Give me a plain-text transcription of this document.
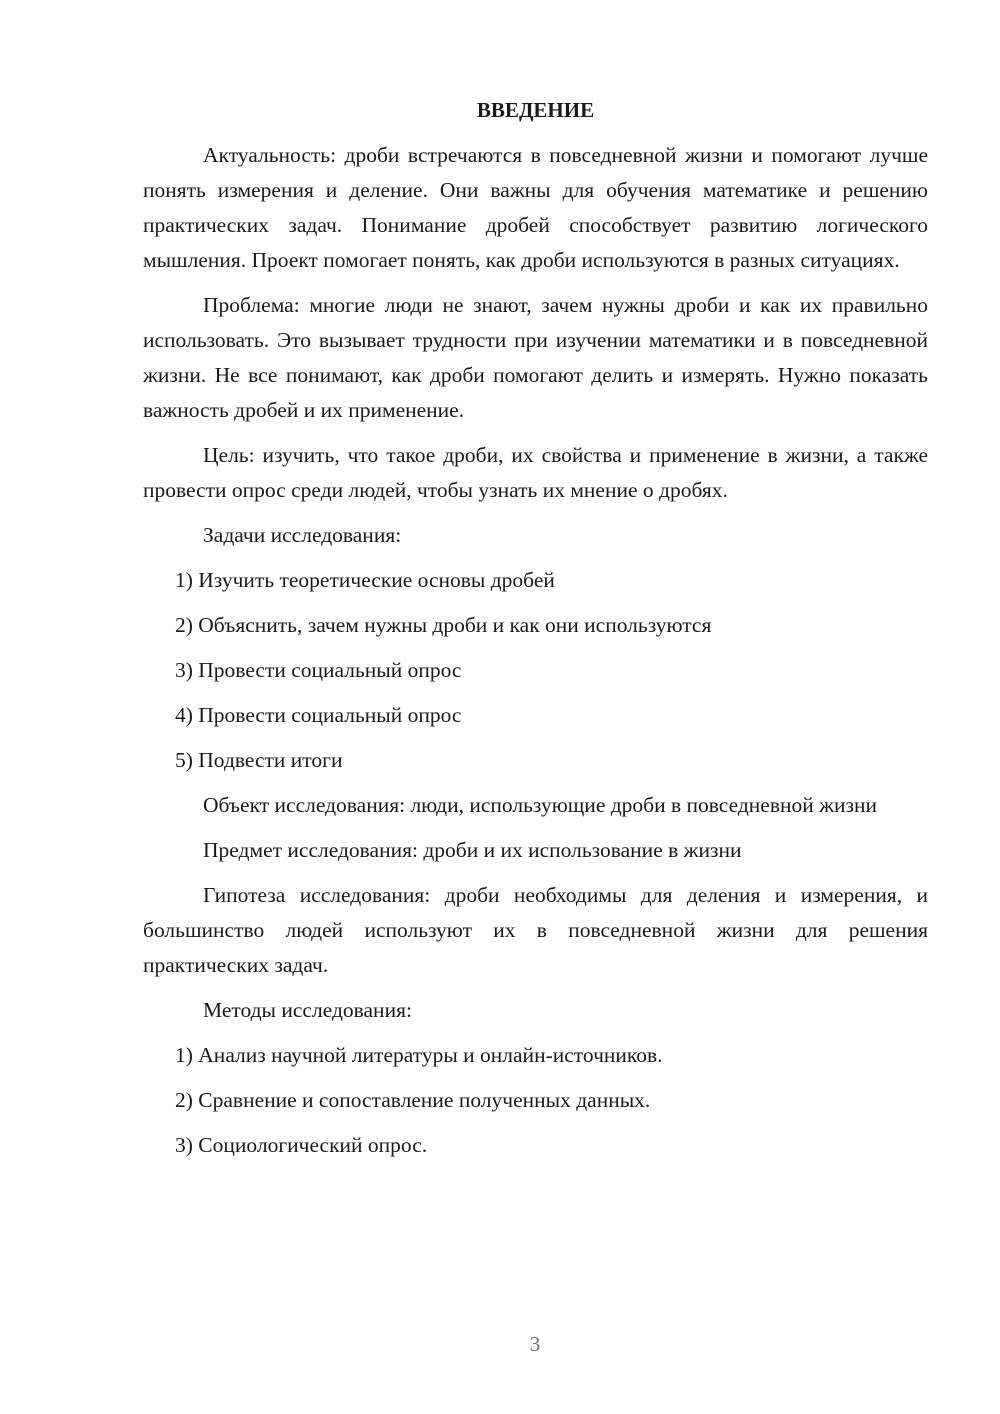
ВВЕДЕНИЕ

Актуальность: дроби встречаются в повседневной жизни и помогают лучше понять измерения и деление. Они важны для обучения математике и решению практических задач. Понимание дробей способствует развитию логического мышления. Проект помогает понять, как дроби используются в разных ситуациях.

Проблема: многие люди не знают, зачем нужны дроби и как их правильно использовать. Это вызывает трудности при изучении математики и в повседневной жизни. Не все понимают, как дроби помогают делить и измерять. Нужно показать важность дробей и их применение.

Цель: изучить, что такое дроби, их свойства и применение в жизни, а также провести опрос среди людей, чтобы узнать их мнение о дробях.

Задачи исследования:

1) Изучить теоретические основы дробей

2) Объяснить, зачем нужны дроби и как они используются

3) Провести социальный опрос

4) Провести социальный опрос

5) Подвести итоги

Объект исследования: люди, использующие дроби в повседневной жизни

Предмет исследования: дроби и их использование в жизни

Гипотеза исследования: дроби необходимы для деления и измерения, и большинство людей используют их в повседневной жизни для решения практических задач.

Методы исследования:

1) Анализ научной литературы и онлайн-источников.

2) Сравнение и сопоставление полученных данных.

3) Социологический опрос.

3
